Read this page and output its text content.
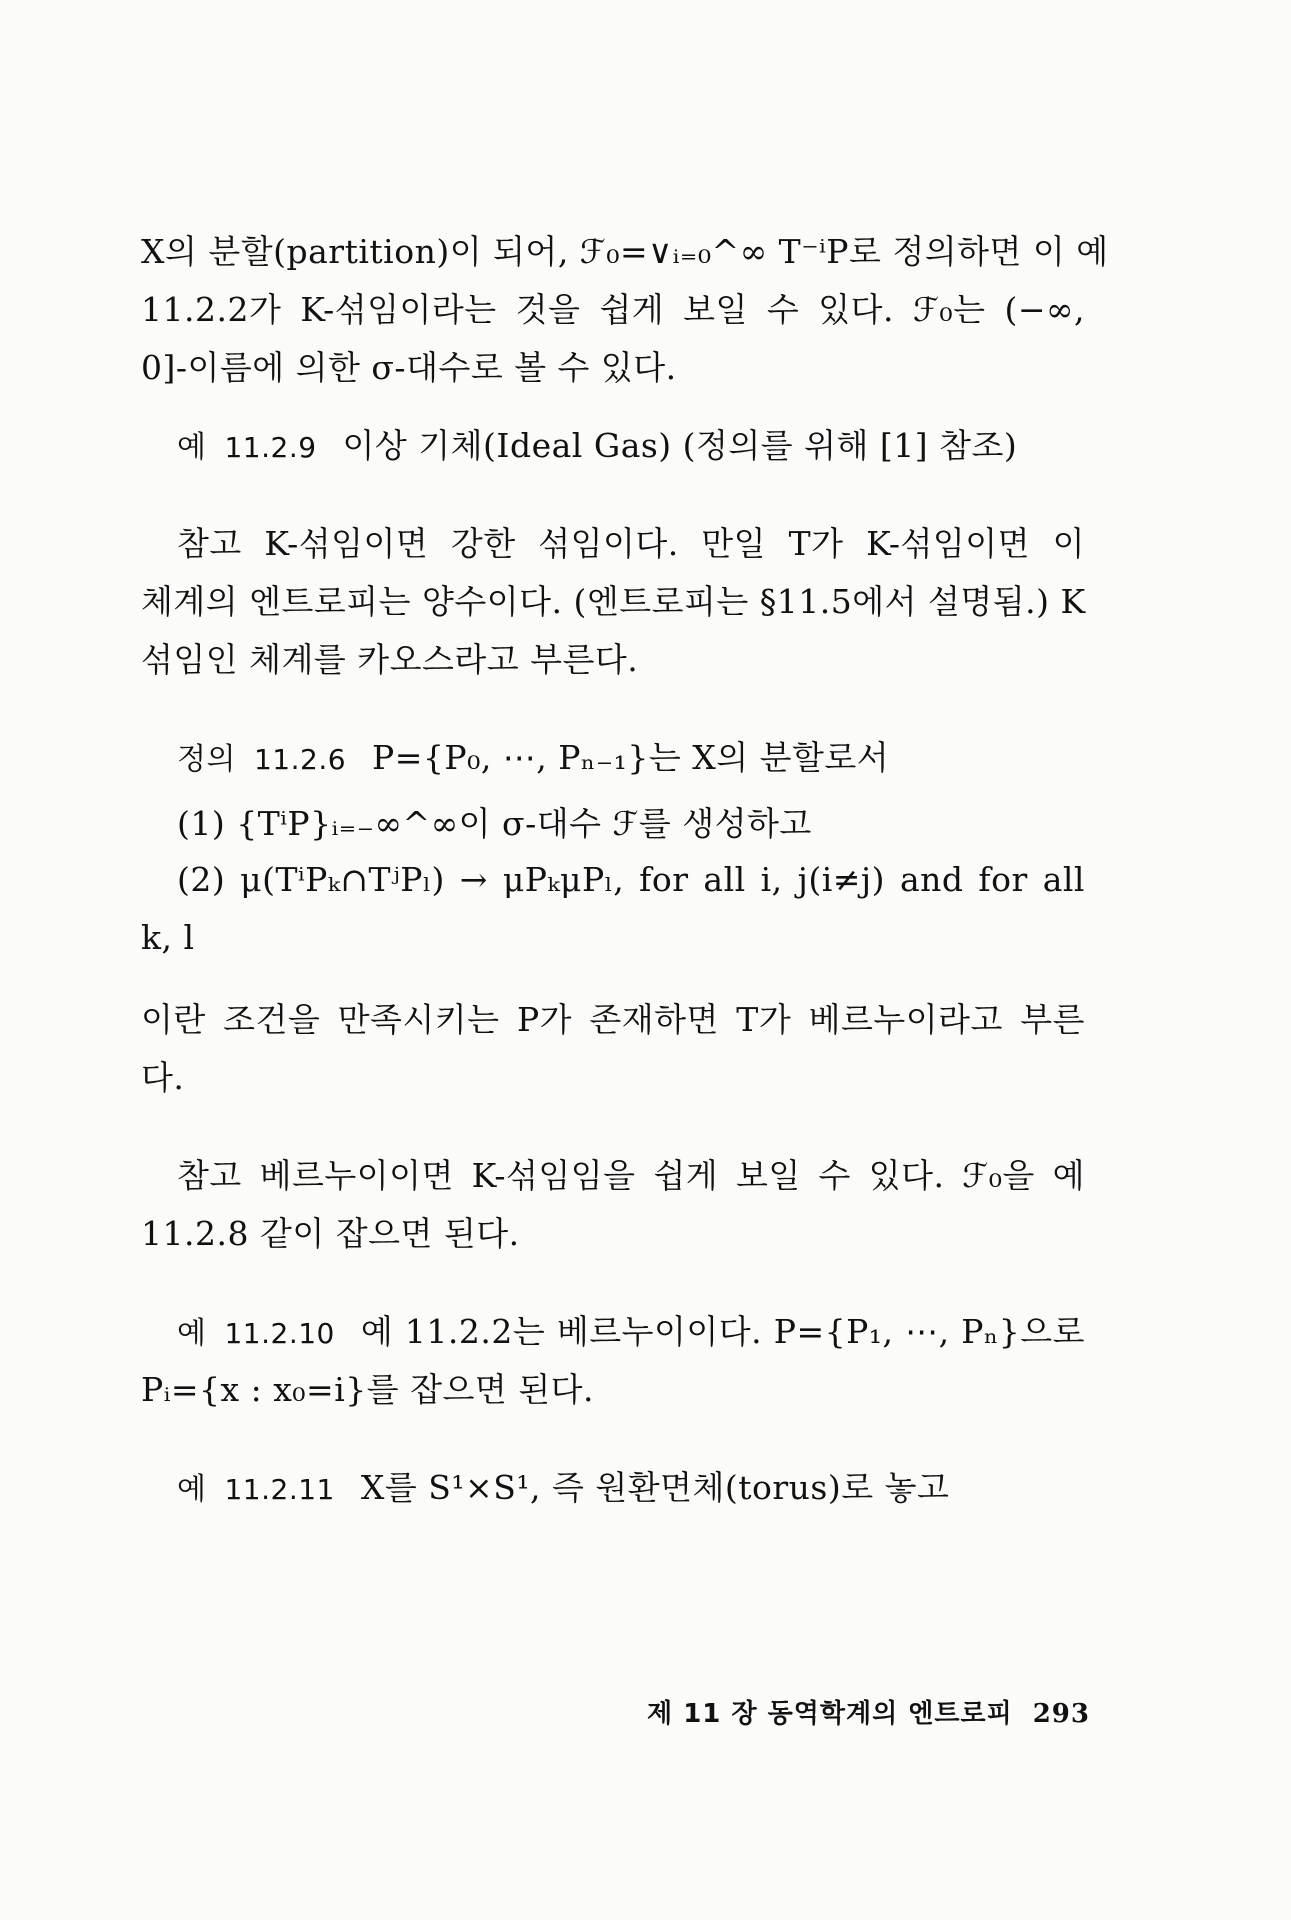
X의 분할(partition)이 되어, ℱ₀=∨ᵢ₌₀^∞ T⁻ⁱP로 정의하면 이 예
11.2.2가 K-섞임이라는 것을 쉽게 보일 수 있다. ℱ₀는 (−∞,
0]-이름에 의한 σ-대수로 볼 수 있다.
예 11.2.9 이상 기체(Ideal Gas) (정의를 위해 [1] 참조)
참고 K-섞임이면 강한 섞임이다. 만일 T가 K-섞임이면 이
체계의 엔트로피는 양수이다. (엔트로피는 §11.5에서 설명됨.) K
섞임인 체계를 카오스라고 부른다.
정의 11.2.6 P={P₀, ⋯, Pₙ₋₁}는 X의 분할로서
(1) {TⁱP}ᵢ₌₋∞^∞이 σ-대수 ℱ를 생성하고
(2) μ(TⁱPₖ∩TʲPₗ) → μPₖμPₗ, for all i, j(i≠j) and for all
k, l
이란 조건을 만족시키는 P가 존재하면 T가 베르누이라고 부른
다.
참고 베르누이이면 K-섞임임을 쉽게 보일 수 있다. ℱ₀을 예
11.2.8 같이 잡으면 된다.
예 11.2.10 예 11.2.2는 베르누이이다. P={P₁, ⋯, Pₙ}으로
Pᵢ={x : x₀=i}를 잡으면 된다.
예 11.2.11 X를 S¹×S¹, 즉 원환면체(torus)로 놓고
제 11 장 동역학계의 엔트로피 293
